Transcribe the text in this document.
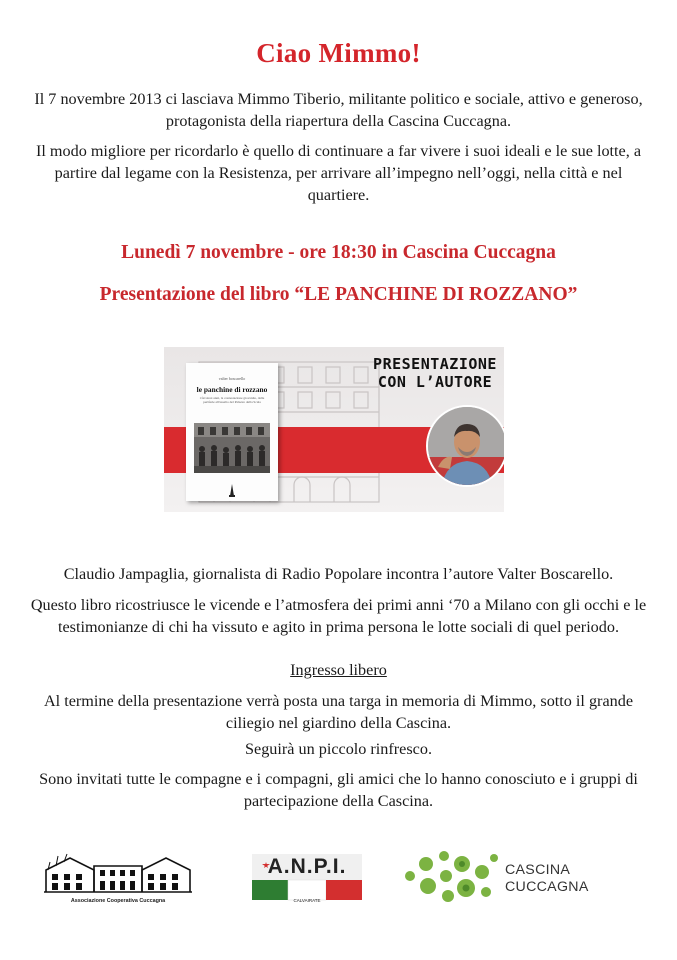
Ciao Mimmo!

Il 7 novembre 2013 ci lasciava Mimmo Tiberio, militante politico e sociale, attivo e generoso, protagonista della riapertura della Cascina Cuccagna.

Il modo migliore per ricordarlo è quello di continuare a far vivere i suoi ideali e le sue lotte, a partire dal legame con la Resistenza, per arrivare all’impegno nell’oggi, nella città e nel quartiere.

Lunedì 7 novembre - ore 18:30 in Cascina Cuccagna
Presentazione del libro “LE PANCHINE DI ROZZANO”
valter boscarello
le panchine di rozzano
i favolosi anni, la contestazione giovanile, dalle periferie all'assalto del Palazzo della Scala
PRESENTAZIONE
CON L’AUTORE

Claudio Jampaglia, giornalista di Radio Popolare incontra l’autore Valter Boscarello.

Questo libro ricostriusce le vicende e l’atmosfera dei primi anni ‘70 a Milano con gli occhi e le testimonianze di chi ha vissuto e agito in prima persona le lotte sociali di quel periodo.

Ingresso libero

Al termine della presentazione verrà posta una targa in memoria di Mimmo, sotto il grande ciliegio nel giardino della Cascina.

Seguirà un piccolo rinfresco.

Sono invitati tutte le compagne e i compagni, gli amici che lo hanno conosciuto e i gruppi di partecipazione della Cascina.

Associazione Cooperativa Cuccagna
A.N.P.I.
CALVAIRATE
CASCINA
CUCCAGNA
